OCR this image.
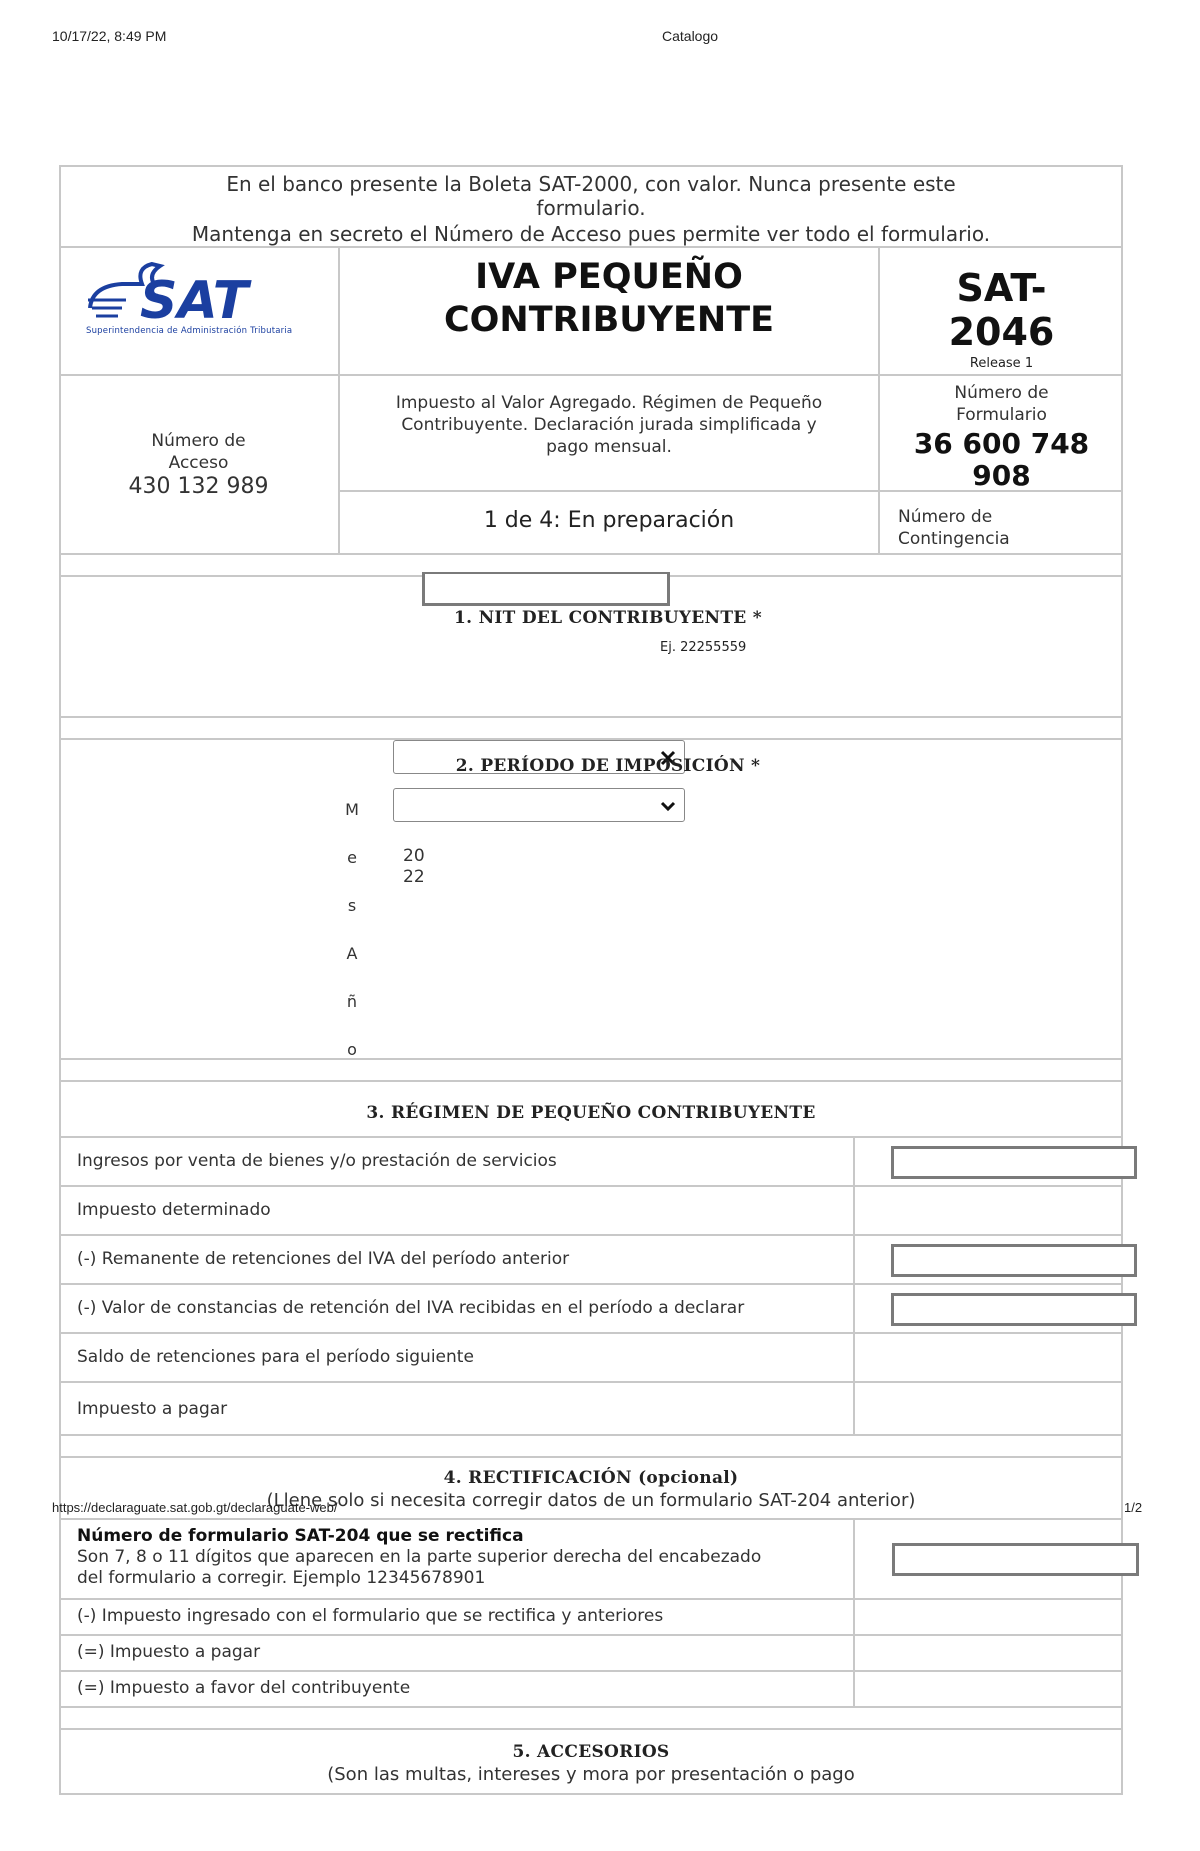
10/17/22, 8:49 PM	Catalogo
En el banco presente la Boleta SAT-2000, con valor. Nunca presente este
formulario.
Mantenga en secreto el Número de Acceso pues permite ver todo el formulario.
SAT
Superintendencia de Administración Tributaria
IVA PEQUEÑO
CONTRIBUYENTE
SAT-
2046
Release 1
Número de
Acceso
430 132 989
Impuesto al Valor Agregado. Régimen de Pequeño
Contribuyente. Declaración jurada simplificada y
pago mensual.
Número de
Formulario
36 600 748
908
1 de 4: En preparación	Número de
Contingencia
1. NIT DEL CONTRIBUYENTE *
Ej. 22255559
2. PERÍODO DE IMPOSICIÓN *
M
e
s
A
ñ
o
20
22
3. RÉGIMEN DE PEQUEÑO CONTRIBUYENTE
Ingresos por venta de bienes y/o prestación de servicios
Impuesto determinado
(-) Remanente de retenciones del IVA del período anterior
(-) Valor de constancias de retención del IVA recibidas en el período a declarar
Saldo de retenciones para el período siguiente
Impuesto a pagar
4. RECTIFICACIÓN (opcional)
(Llene solo si necesita corregir datos de un formulario SAT-204 anterior)
https://declaraguate.sat.gob.gt/declaraguate-web/	1/2
Número de formulario SAT-204 que se rectifica
Son 7, 8 o 11 dígitos que aparecen en la parte superior derecha del encabezado
del formulario a corregir. Ejemplo 12345678901
(-) Impuesto ingresado con el formulario que se rectifica y anteriores
(=) Impuesto a pagar
(=) Impuesto a favor del contribuyente
5. ACCESORIOS
(Son las multas, intereses y mora por presentación o pago
